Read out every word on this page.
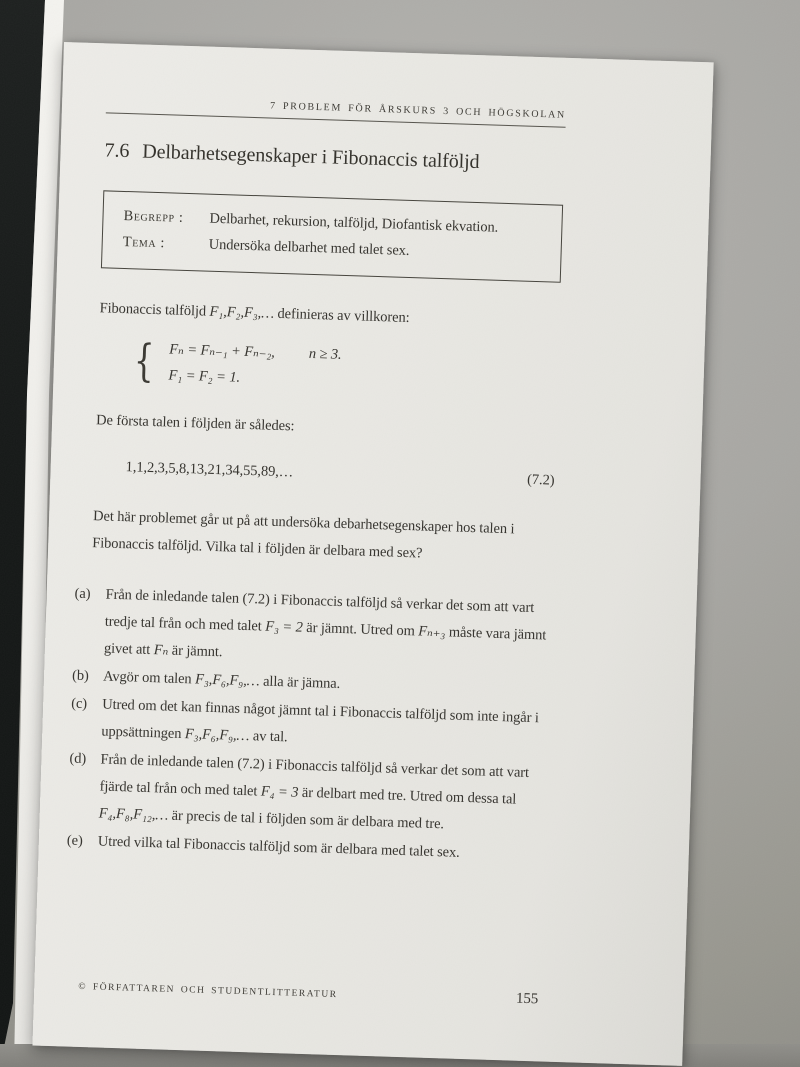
7 PROBLEM FÖR ÅRSKURS 3 OCH HÖGSKOLAN
7.6 Delbarhetsegenskaper i Fibonaccis talföljd
Begrepp :	Delbarhet, rekursion, talföljd, Diofantisk ekvation.
Tema :	Undersöka delbarhet med talet sex.

Fibonaccis talföljd F₁,F₂,F₃,… definieras av villkoren:

{ Fₙ = Fₙ₋₁ + Fₙ₋₂, n ≥ 3.
F₁ = F₂ = 1.

De första talen i följden är således:

1,1,2,3,5,8,13,21,34,55,89,…	(7.2)

Det här problemet går ut på att undersöka debarhetsegenskaper hos talen i Fibonaccis talföljd. Vilka tal i följden är delbara med sex?

(a) Från de inledande talen (7.2) i Fibonaccis talföljd så verkar det som att vart tredje tal från och med talet F₃ = 2 är jämnt. Utred om Fₙ₊₃ måste vara jämnt givet att Fₙ är jämnt.
(b) Avgör om talen F₃,F₆,F₉,… alla är jämna.
(c) Utred om det kan finnas något jämnt tal i Fibonaccis talföljd som inte ingår i uppsättningen F₃,F₆,F₉,… av tal.
(d) Från de inledande talen (7.2) i Fibonaccis talföljd så verkar det som att vart fjärde tal från och med talet F₄ = 3 är delbart med tre. Utred om dessa tal F₄,F₈,F₁₂,… är precis de tal i följden som är delbara med tre.
(e) Utred vilka tal Fibonaccis talföljd som är delbara med talet sex.
© FÖRFATTAREN OCH STUDENTLITTERATUR	155
